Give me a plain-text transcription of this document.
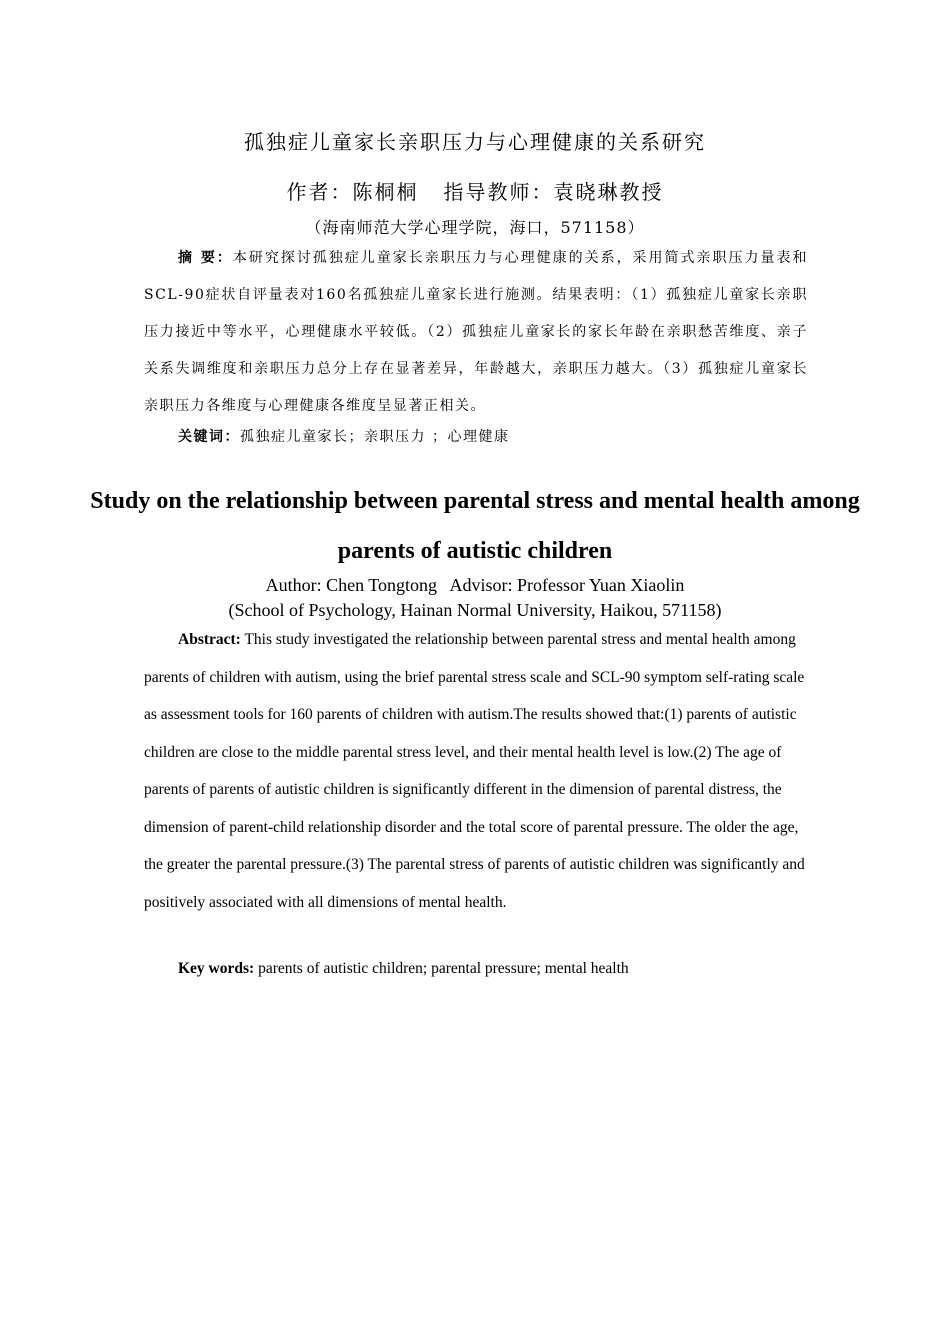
孤独症儿童家长亲职压力与心理健康的关系研究
作者：陈桐桐   指导教师：袁晓琳教授
（海南师范大学心理学院，海口，571158）
摘 要：本研究探讨孤独症儿童家长亲职压力与心理健康的关系，采用简式亲职压力量表和SCL-90症状自评量表对160名孤独症儿童家长进行施测。结果表明：（1）孤独症儿童家长亲职压力接近中等水平，心理健康水平较低。（2）孤独症儿童家长的家长年龄在亲职愁苦维度、亲子关系失调维度和亲职压力总分上存在显著差异，年龄越大，亲职压力越大。（3）孤独症儿童家长亲职压力各维度与心理健康各维度呈显著正相关。
关键词：孤独症儿童家长；亲职压力 ；心理健康
Study on the relationship between parental stress and mental health among parents of autistic children
Author: Chen Tongtong   Advisor: Professor Yuan Xiaolin
(School of Psychology, Hainan Normal University, Haikou, 571158)
Abstract: This study investigated the relationship between parental stress and mental health among parents of children with autism, using the brief parental stress scale and SCL-90 symptom self-rating scale as assessment tools for 160 parents of children with autism.The results showed that:(1) parents of autistic children are close to the middle parental stress level, and their mental health level is low.(2) The age of parents of parents of autistic children is significantly different in the dimension of parental distress, the dimension of parent-child relationship disorder and the total score of parental pressure. The older the age, the greater the parental pressure.(3) The parental stress of parents of autistic children was significantly and positively associated with all dimensions of mental health.
Key words: parents of autistic children; parental pressure; mental health
